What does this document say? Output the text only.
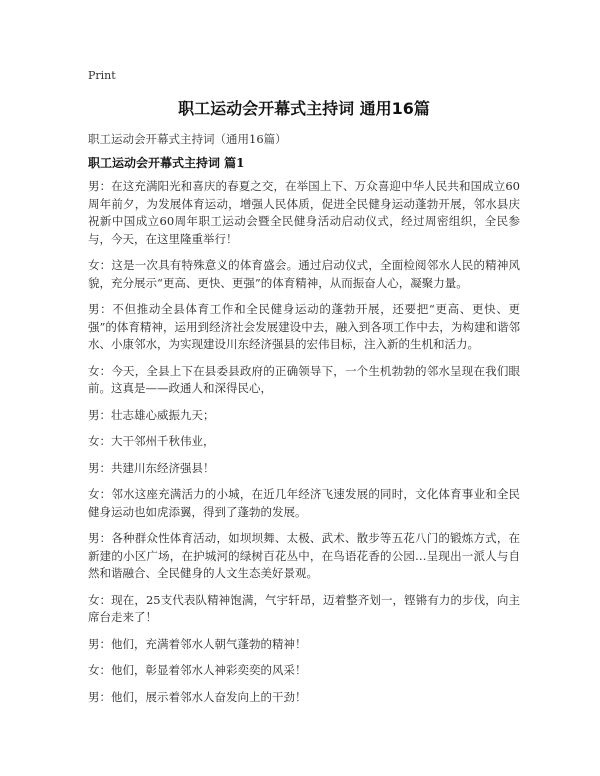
Print
职工运动会开幕式主持词 通用16篇
职工运动会开幕式主持词（通用16篇）
职工运动会开幕式主持词 篇1

男：在这充满阳光和喜庆的春夏之交，在举国上下、万众喜迎中华人民共和国成立60周年前夕，为发展体育运动，增强人民体质，促进全民健身运动蓬勃开展，邻水县庆祝新中国成立60周年职工运动会暨全民健身活动启动仪式，经过周密组织，全民参与，今天，在这里隆重举行！

女：这是一次具有特殊意义的体育盛会。通过启动仪式，全面检阅邻水人民的精神风貌，充分展示“更高、更快、更强”的体育精神，从而振奋人心，凝聚力量。

男：不但推动全县体育工作和全民健身运动的蓬勃开展，还要把“更高、更快、更强”的体育精神，运用到经济社会发展建设中去，融入到各项工作中去，为构建和谐邻水、小康邻水，为实现建设川东经济强县的宏伟目标，注入新的生机和活力。

女：今天，全县上下在县委县政府的正确领导下，一个生机勃勃的邻水呈现在我们眼前。这真是——政通人和深得民心，

男：壮志雄心威振九天；

女：大干邻州千秋伟业，

男：共建川东经济强县！

女：邻水这座充满活力的小城，在近几年经济飞速发展的同时，文化体育事业和全民健身运动也如虎添翼，得到了蓬勃的发展。

男：各种群众性体育活动，如坝坝舞、太极、武术、散步等五花八门的锻炼方式，在新建的小区广场，在护城河的绿树百花丛中，在鸟语花香的公园…呈现出一派人与自然和谐融合、全民健身的人文生态美好景观。

女：现在，25支代表队精神饱满，气宇轩昂，迈着整齐划一，铿锵有力的步伐，向主席台走来了！

男：他们，充满着邻水人朝气蓬勃的精神！

女：他们，彰显着邻水人神彩奕奕的风采！

男：他们，展示着邻水人奋发向上的干劲！
